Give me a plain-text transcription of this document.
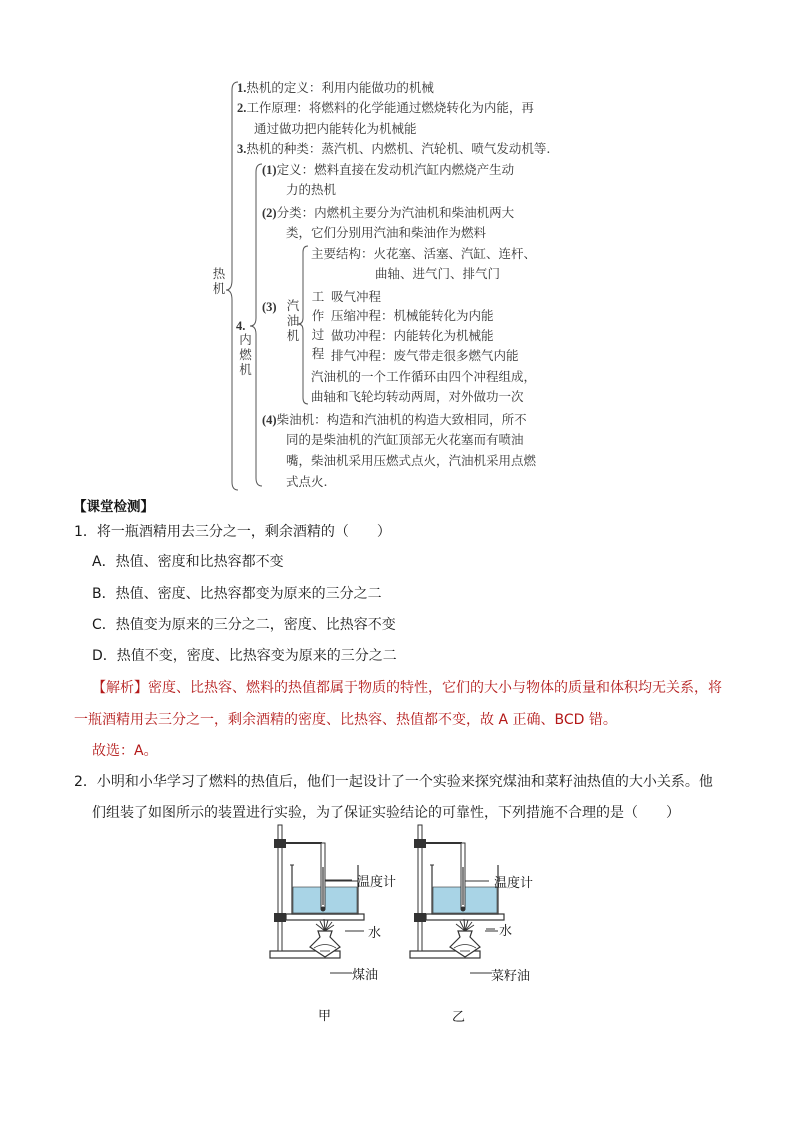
热机
1.热机的定义：利用内能做功的机械
2.工作原理：将燃料的化学能通过燃烧转化为内能，再
通过做功把内能转化为机械能
3.热机的种类：蒸汽机、内燃机、汽轮机、喷气发动机等.
4.
内燃机
(1)定义：燃料直接在发动机汽缸内燃烧产生动
力的热机
(2)分类：内燃机主要分为汽油机和柴油机两大
类，它们分别用汽油和柴油作为燃料
(3) 汽油机
主要结构：火花塞、活塞、汽缸、连杆、
曲轴、进气门、排气门
工作过程
吸气冲程
压缩冲程：机械能转化为内能
做功冲程：内能转化为机械能
排气冲程：废气带走很多燃气内能
汽油机的一个工作循环由四个冲程组成，
曲轴和飞轮均转动两周，对外做功一次
(4)柴油机：构造和汽油机的构造大致相同，所不
同的是柴油机的汽缸顶部无火花塞而有喷油
嘴，柴油机采用压燃式点火，汽油机采用点燃
式点火.
【课堂检测】
1．将一瓶酒精用去三分之一，剩余酒精的（　　）
A．热值、密度和比热容都不变
B．热值、密度、比热容都变为原来的三分之二
C．热值变为原来的三分之二，密度、比热容不变
D．热值不变，密度、比热容变为原来的三分之二
【解析】密度、比热容、燃料的热值都属于物质的特性，它们的大小与物体的质量和体积均无关系，将
一瓶酒精用去三分之一，剩余酒精的密度、比热容、热值都不变，故 A 正确、BCD 错。
故选：A。
2．小明和小华学习了燃料的热值后，他们一起设计了一个实验来探究煤油和菜籽油热值的大小关系。他
们组装了如图所示的装置进行实验，为了保证实验结论的可靠性，下列措施不合理的是（　　）
温度计
水
煤油
甲
温度计
水
菜籽油
乙
